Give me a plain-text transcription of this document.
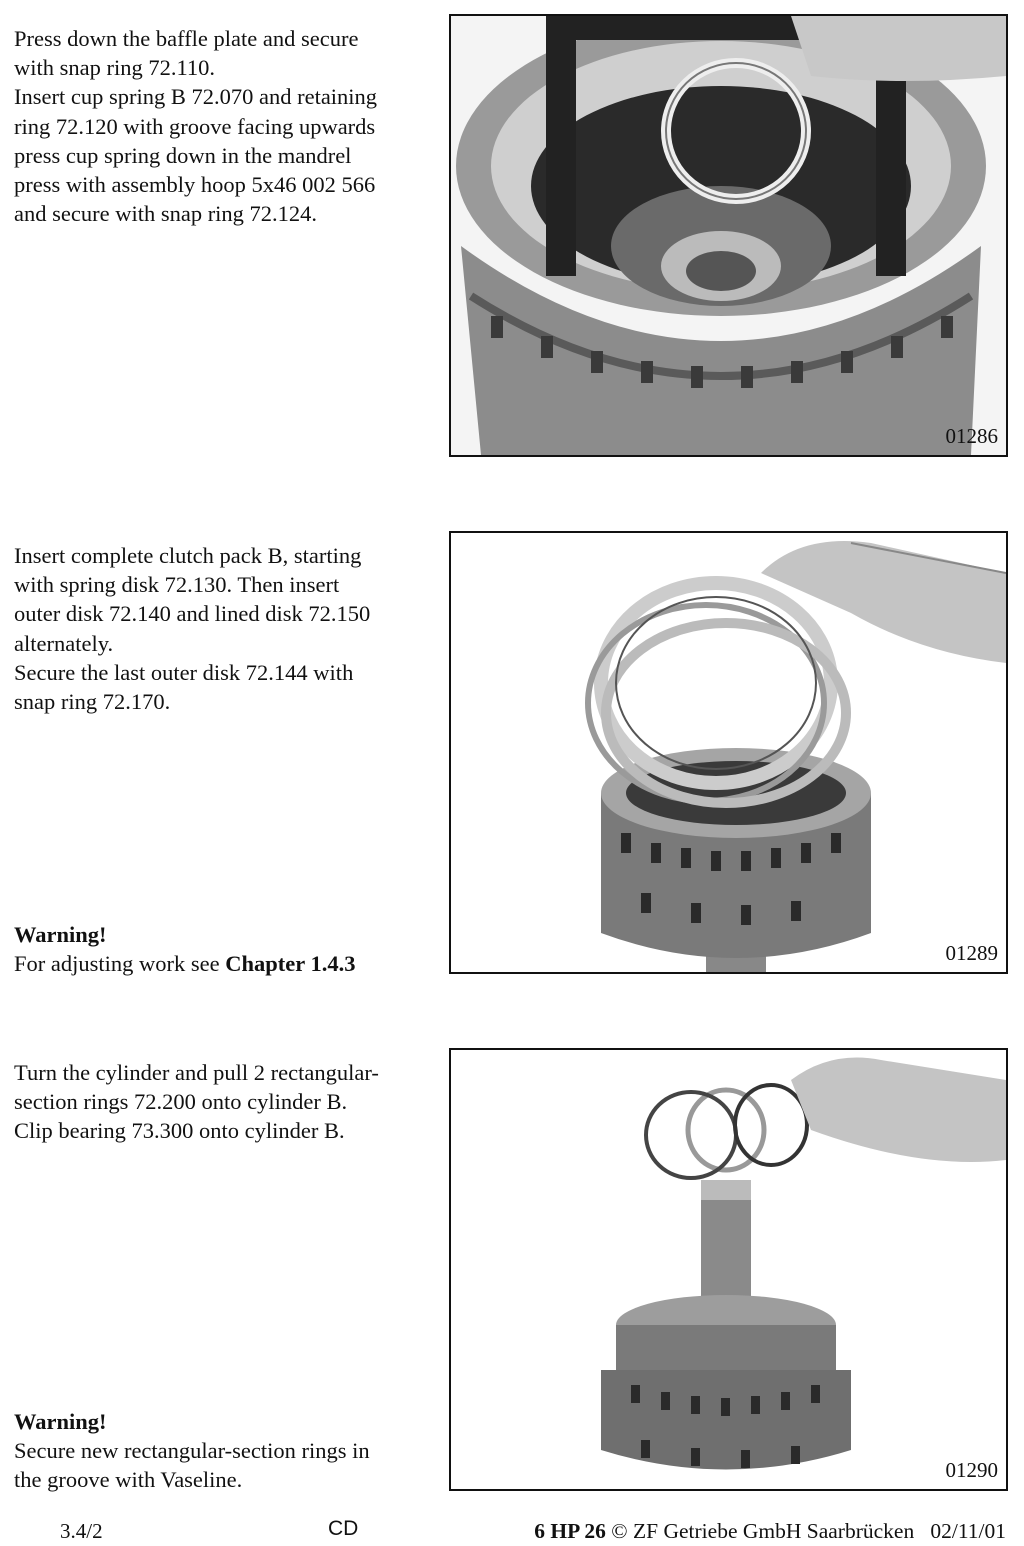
Press down the baffle plate and secure

with snap ring 72.110.

Insert cup spring B 72.070 and retaining

ring 72.120 with groove facing upwards

press cup spring down in the mandrel

press with assembly hoop 5x46 002 566

and secure with snap ring 72.124.

01286

Insert complete clutch pack B, starting

with spring disk 72.130. Then insert

outer disk 72.140 and lined disk 72.150

alternately.

Secure the last outer disk 72.144 with

snap ring 72.170.

Warning!

For adjusting work see Chapter 1.4.3	01289

Turn the cylinder and pull 2 rectangular-

section rings 72.200 onto cylinder B.

Clip bearing 73.300 onto cylinder B.

Warning!

Secure new rectangular-section rings in

the groove with Vaseline.	01290
3.4/2	CD	6 HP 26 © ZF Getriebe GmbH Saarbrücken 02/11/01
